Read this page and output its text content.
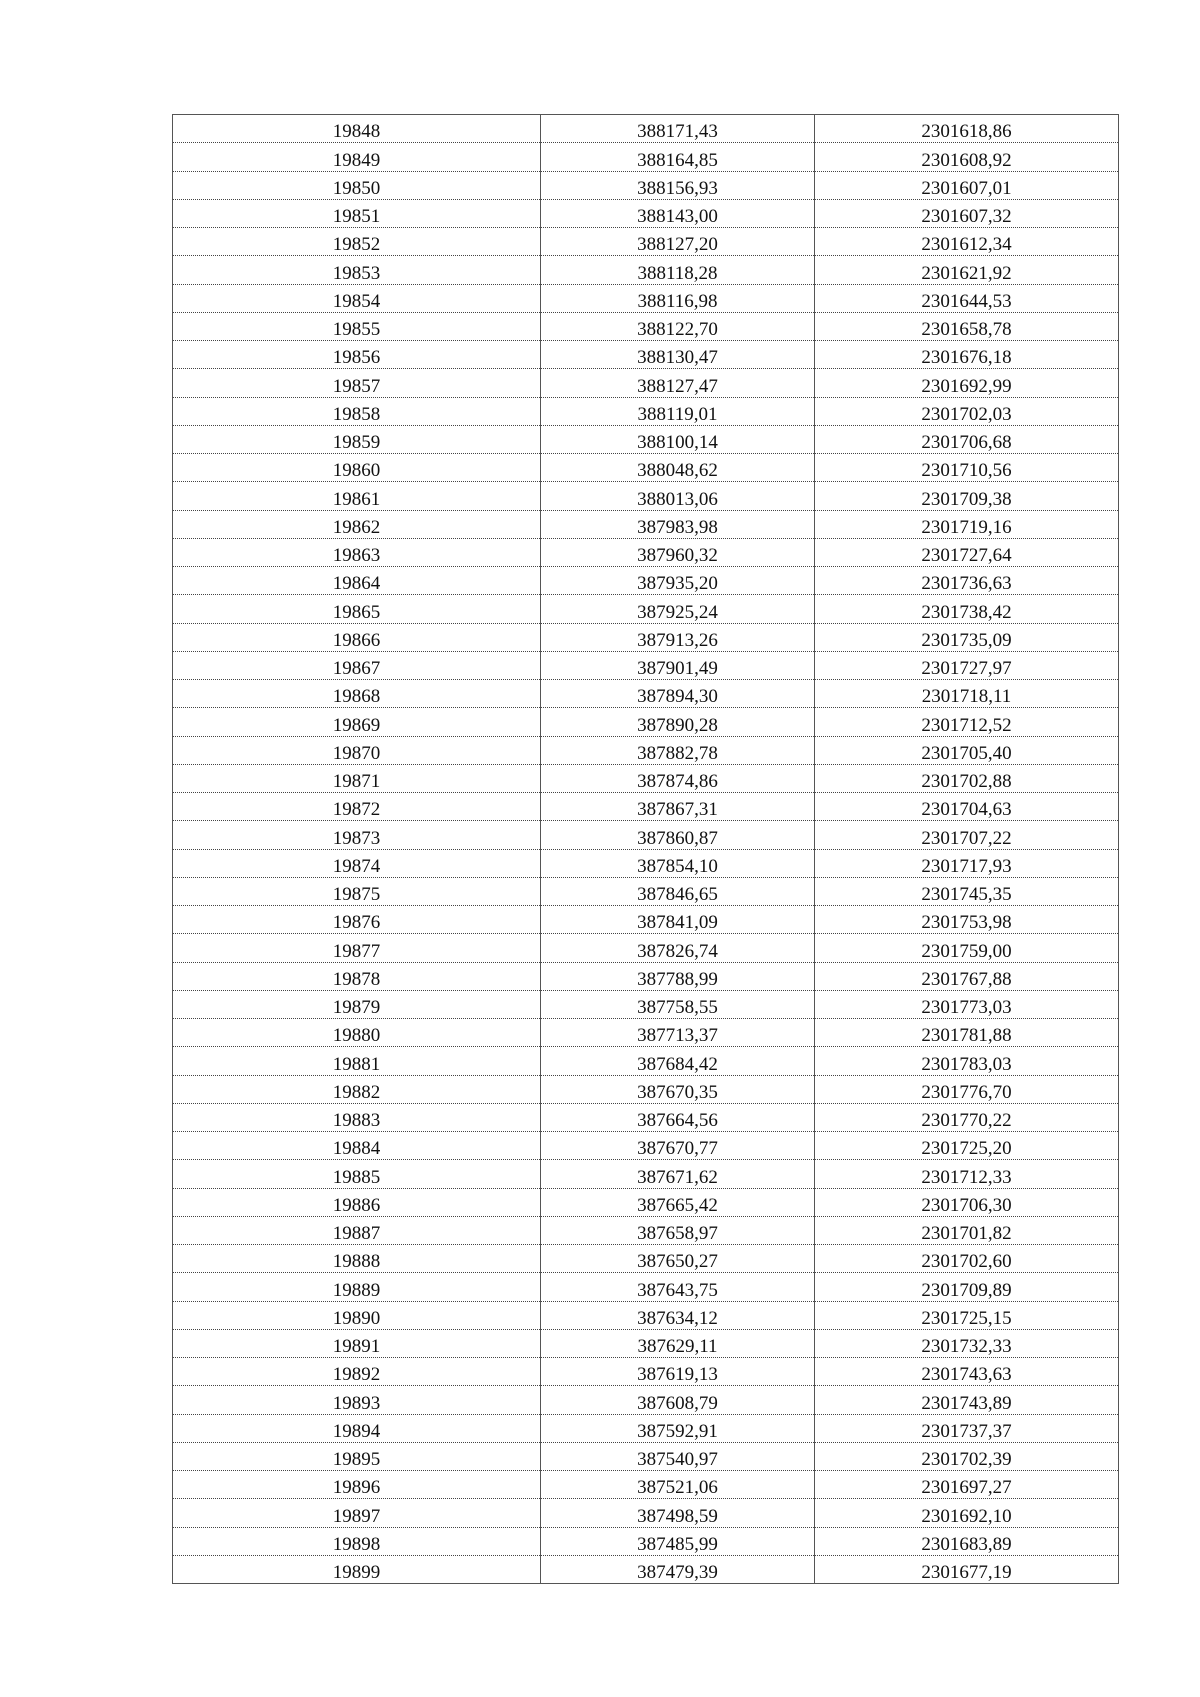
19848	388171,43	2301618,86
19849	388164,85	2301608,92
19850	388156,93	2301607,01
19851	388143,00	2301607,32
19852	388127,20	2301612,34
19853	388118,28	2301621,92
19854	388116,98	2301644,53
19855	388122,70	2301658,78
19856	388130,47	2301676,18
19857	388127,47	2301692,99
19858	388119,01	2301702,03
19859	388100,14	2301706,68
19860	388048,62	2301710,56
19861	388013,06	2301709,38
19862	387983,98	2301719,16
19863	387960,32	2301727,64
19864	387935,20	2301736,63
19865	387925,24	2301738,42
19866	387913,26	2301735,09
19867	387901,49	2301727,97
19868	387894,30	2301718,11
19869	387890,28	2301712,52
19870	387882,78	2301705,40
19871	387874,86	2301702,88
19872	387867,31	2301704,63
19873	387860,87	2301707,22
19874	387854,10	2301717,93
19875	387846,65	2301745,35
19876	387841,09	2301753,98
19877	387826,74	2301759,00
19878	387788,99	2301767,88
19879	387758,55	2301773,03
19880	387713,37	2301781,88
19881	387684,42	2301783,03
19882	387670,35	2301776,70
19883	387664,56	2301770,22
19884	387670,77	2301725,20
19885	387671,62	2301712,33
19886	387665,42	2301706,30
19887	387658,97	2301701,82
19888	387650,27	2301702,60
19889	387643,75	2301709,89
19890	387634,12	2301725,15
19891	387629,11	2301732,33
19892	387619,13	2301743,63
19893	387608,79	2301743,89
19894	387592,91	2301737,37
19895	387540,97	2301702,39
19896	387521,06	2301697,27
19897	387498,59	2301692,10
19898	387485,99	2301683,89
19899	387479,39	2301677,19
